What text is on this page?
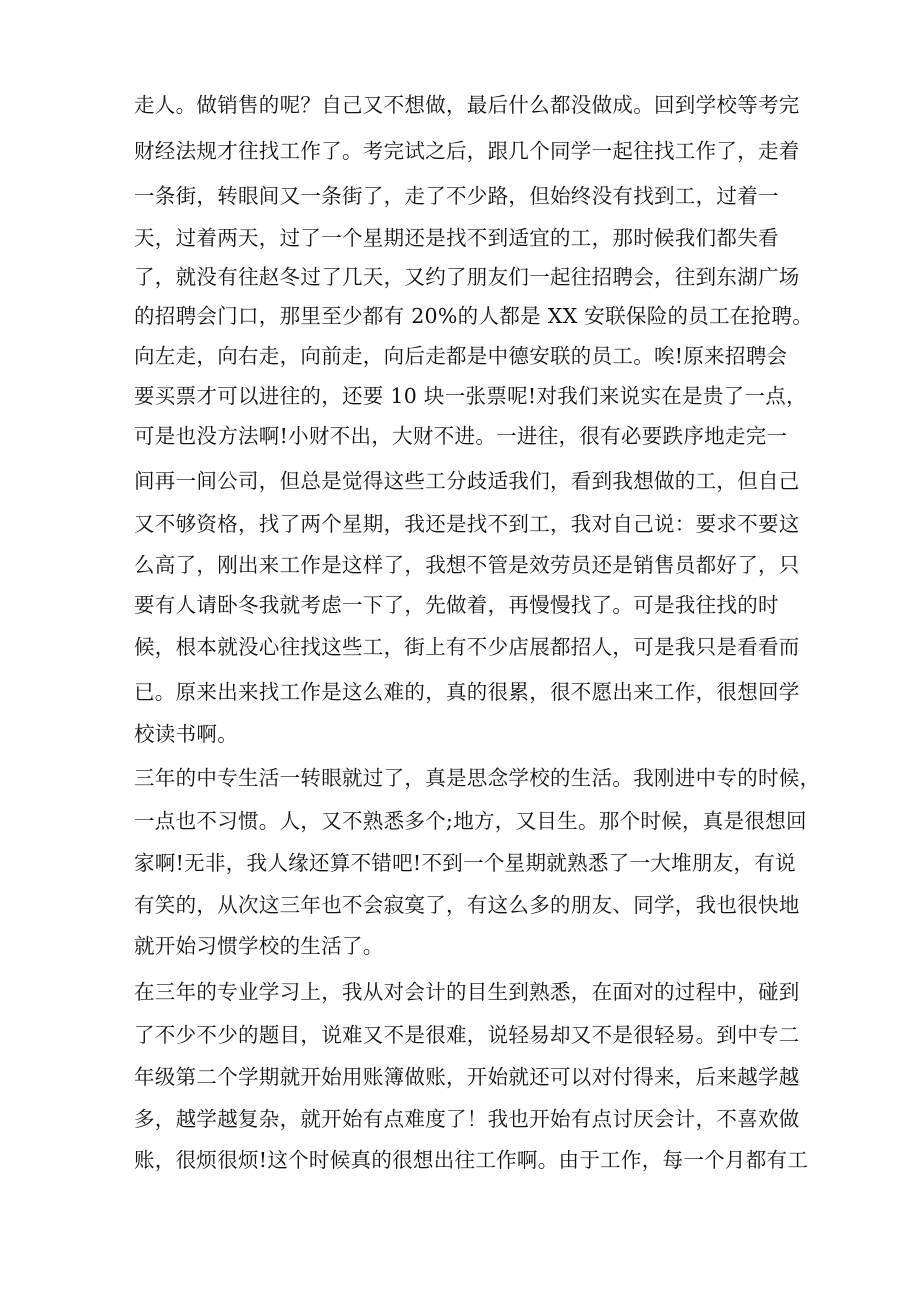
走人。做销售的呢？自己又不想做，最后什么都没做成。回到学校等考完
财经法规才往找工作了。考完试之后，跟几个同学一起往找工作了，走着
一条街，转眼间又一条街了，走了不少路，但始终没有找到工，过着一
天，过着两天，过了一个星期还是找不到适宜的工，那时候我们都失看
了，就没有往赵冬过了几天，又约了朋友们一起往招聘会，往到东湖广场
的招聘会门口，那里至少都有 20%的人都是 XX 安联保险的员工在抢聘。
向左走，向右走，向前走，向后走都是中德安联的员工。唉!原来招聘会
要买票才可以进往的，还要 10 块一张票呢!对我们来说实在是贵了一点，
可是也没方法啊!小财不出，大财不进。一进往，很有必要跌序地走完一
间再一间公司，但总是觉得这些工分歧适我们，看到我想做的工，但自己
又不够资格，找了两个星期，我还是找不到工，我对自己说：要求不要这
么高了，刚出来工作是这样了，我想不管是效劳员还是销售员都好了，只
要有人请卧冬我就考虑一下了，先做着，再慢慢找了。可是我往找的时
候，根本就没心往找这些工，街上有不少店展都招人，可是我只是看看而
已。原来出来找工作是这么难的，真的很累，很不愿出来工作，很想回学
校读书啊。
三年的中专生活一转眼就过了，真是思念学校的生活。我刚进中专的时候，
一点也不习惯。人，又不熟悉多个;地方，又目生。那个时候，真是很想回
家啊!无非，我人缘还算不错吧!不到一个星期就熟悉了一大堆朋友，有说
有笑的，从次这三年也不会寂寞了，有这么多的朋友、同学，我也很快地
就开始习惯学校的生活了。
在三年的专业学习上，我从对会计的目生到熟悉，在面对的过程中，碰到
了不少不少的题目，说难又不是很难，说轻易却又不是很轻易。到中专二
年级第二个学期就开始用账簿做账，开始就还可以对付得来，后来越学越
多，越学越复杂，就开始有点难度了！我也开始有点讨厌会计，不喜欢做
账，很烦很烦!这个时候真的很想出往工作啊。由于工作，每一个月都有工
